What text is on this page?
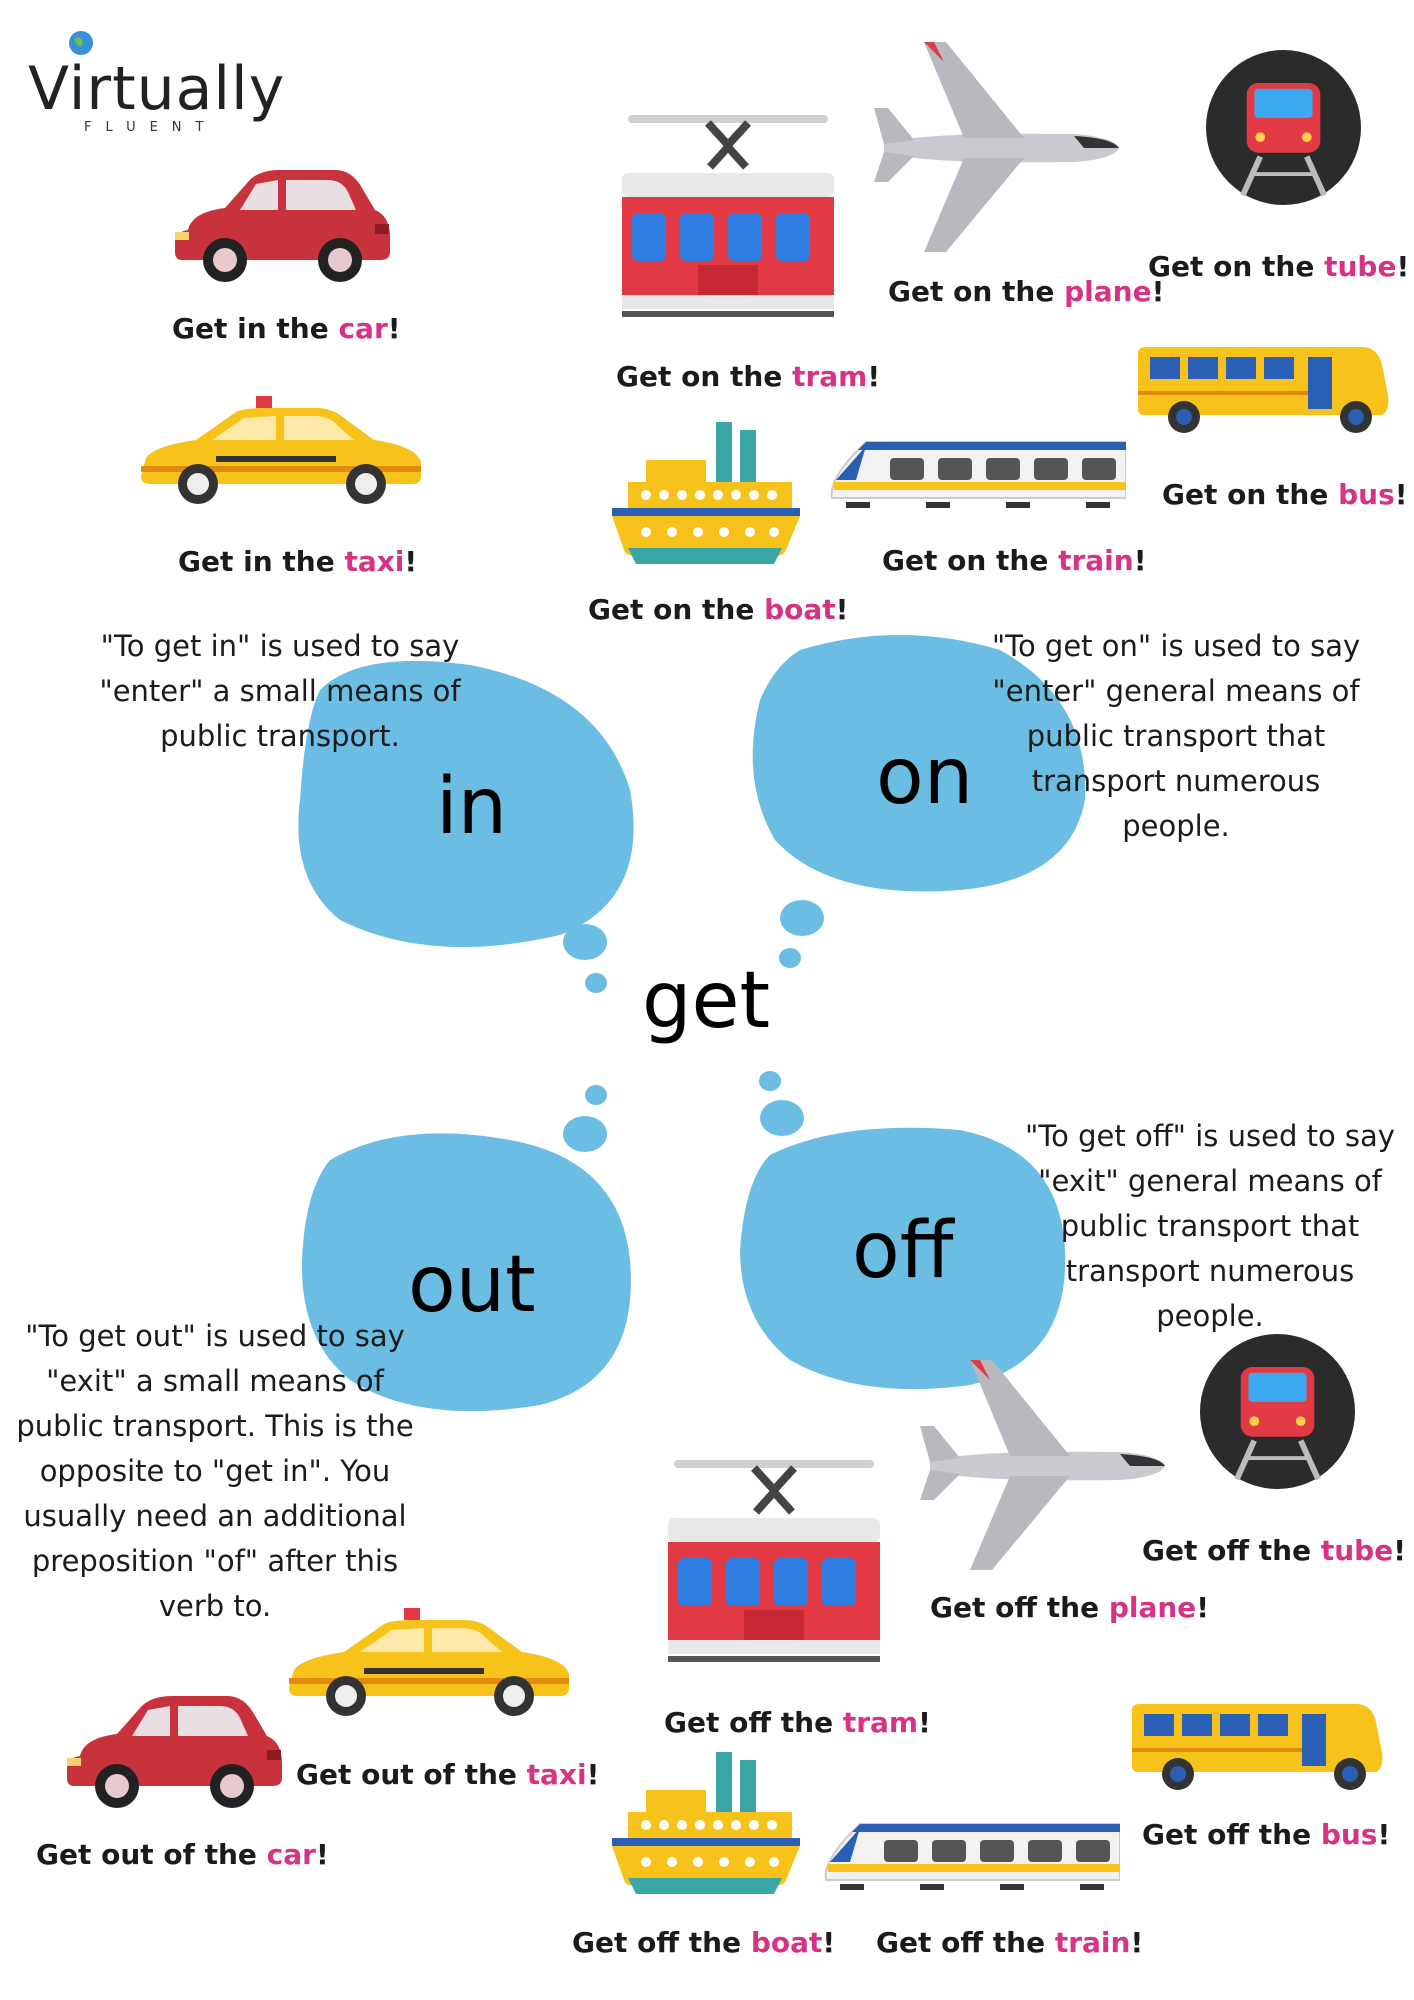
Virtually
FLUENT
Get in the car!
Get in the taxi!
Get on the tram!
Get on the plane!
Get on the tube!
Get on the bus!
Get on the train!
Get on the boat!
in	on
get
out	off
"To get in" is used to say "enter" a small means of public transport.
"To get on" is used to say "enter" general means of public transport that transport numerous people.
"To get off" is used to say "exit" general means of public transport that transport numerous people.
"To get out" is used to say "exit" a small means of public transport. This is the opposite to "get in". You usually need an additional preposition "of" after this verb to.
Get off the tube!
Get off the plane!
Get off the tram!
Get out of the taxi!
Get out of the car!
Get off the bus!
Get off the boat! Get off the train!
